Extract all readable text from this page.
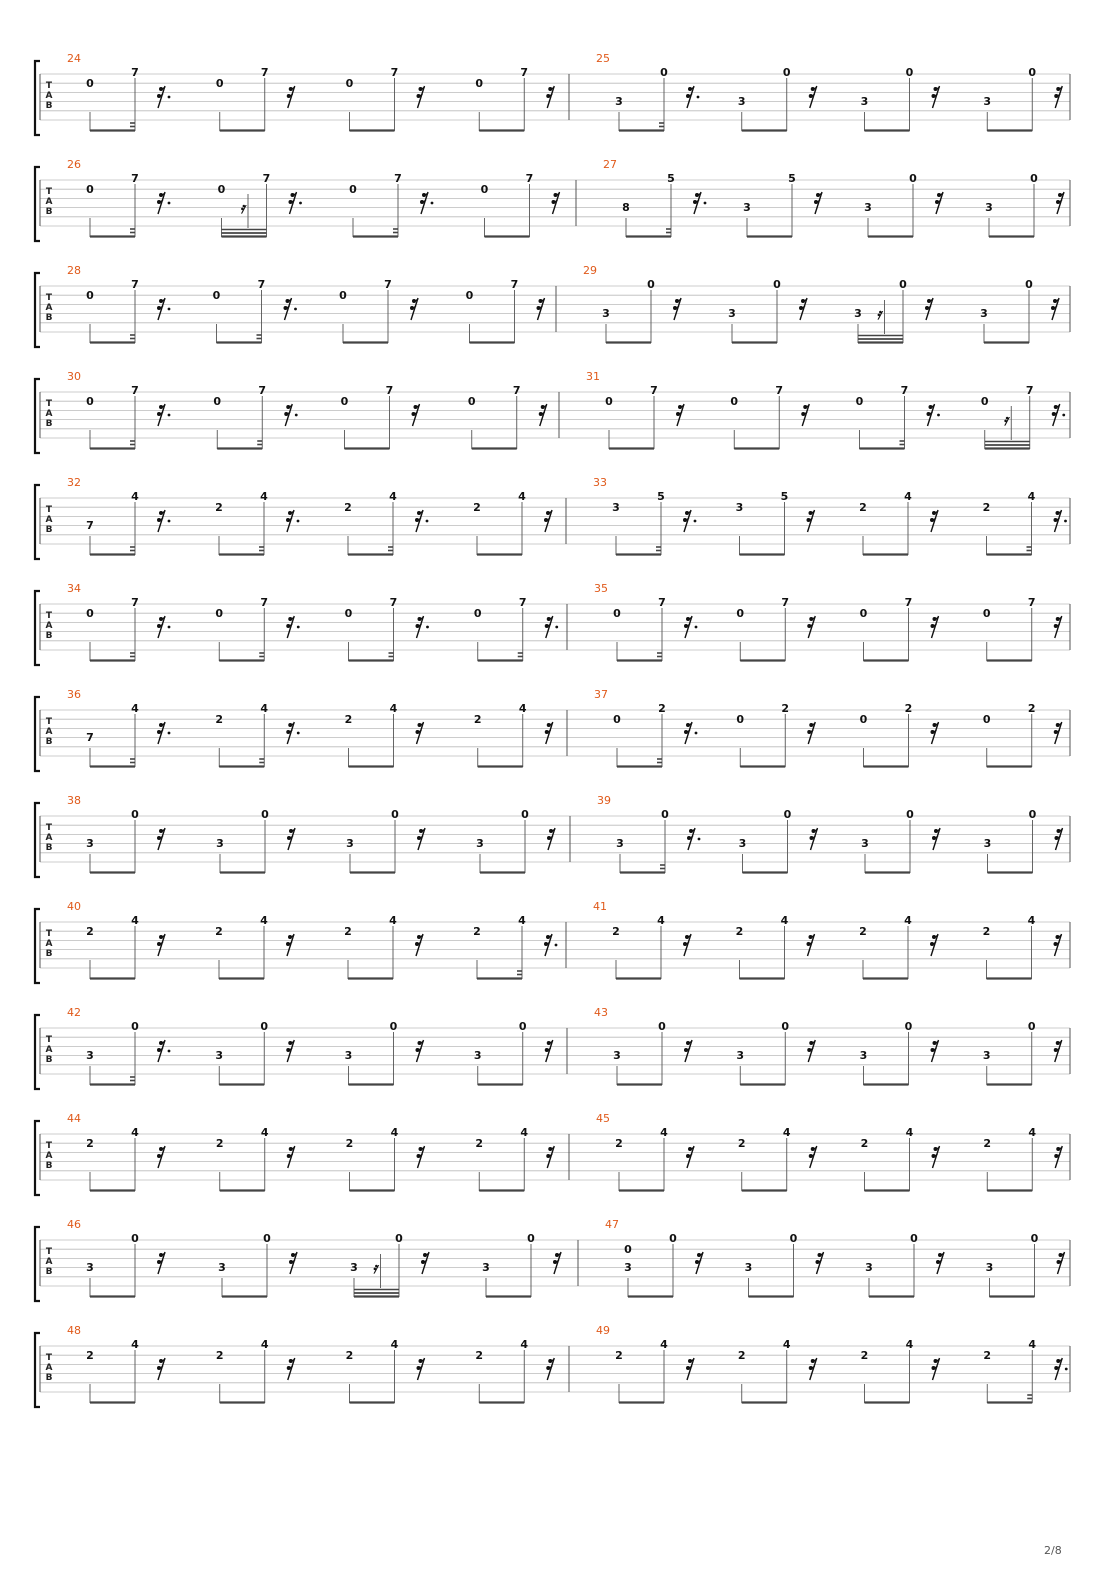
T
A
B
24
7
0
7
0
7
0
7
0
25
0
3
0
3
0
3
0
3
T
A
B
26
7
0
7
0
𝄿
7
0
7
0
27
5
8
5
3
0
3
0
3
T
A
B
28
7
0
7
0
7
0
7
0
29
0
3
0
3
0
3 𝄿
0
3
T
A
B
30
7
0
7
0
7
0
7
0
31
7
0
7
0
7
0
7
0
𝄿
T
A
B
32
4
7
4
2
4
2
4
2
33
5
3
5
3
4
2
4
2
T
A
B
34
7
0
7
0
7
0
7
0
35
7
0
7
0
7
0
7
0
T
A
B
36
4
7
4
2
4
2
4
2
37
2
0
2
0
2
0
2
0
T
A
B
38
0
3
0
3
0
3
0
3
39
0
3
0
3
0
3
0
3
T
A
B
40
4
2
4
2
4
2
4
2
41
4
2
4
2
4
2
4
2
T
A
B
42
0
3
0
3
0
3
0
3
43
0
3
0
3
0
3
0
3
T
A
B
44
4
2
4
2
4
2
4
2
45
4
2
4
2
4
2
4
2
T
A
B
46
0
3
0
3
0
3 𝄿
0
3
47
0
0
3
0
3
0
3
0
3
T
A
B
48
4
2
4
2
4
2
4
2
49
4
2
4
2
4
2
4
2
2/8
